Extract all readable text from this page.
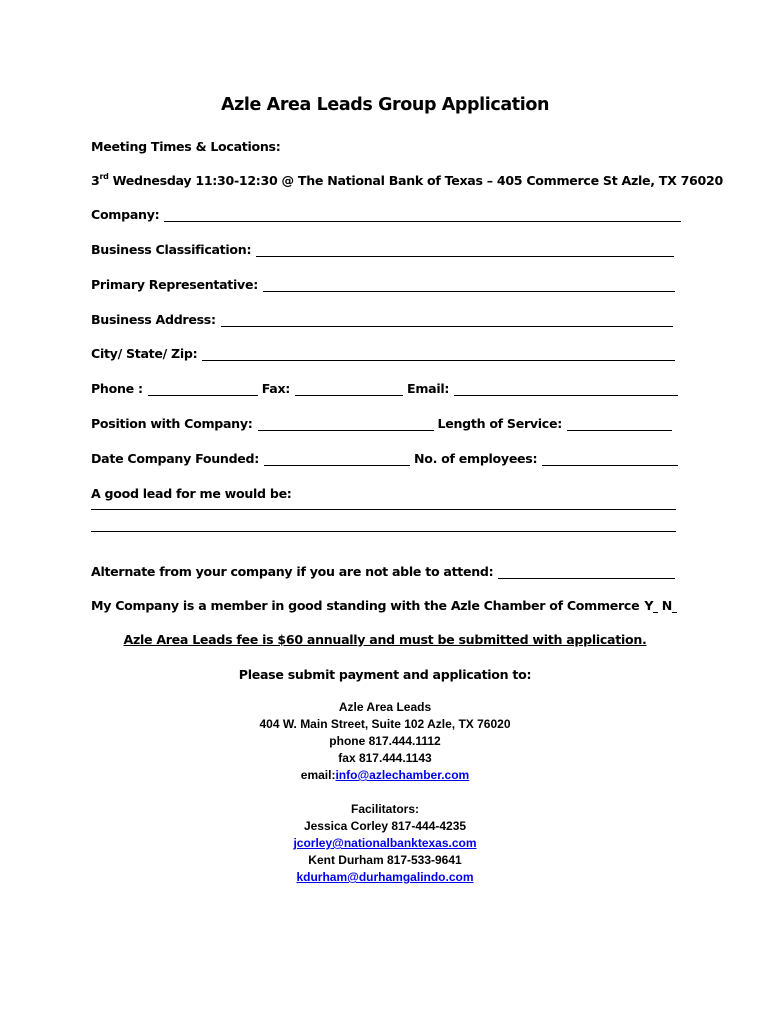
Azle Area Leads Group Application
Meeting Times & Locations:
3rd Wednesday 11:30-12:30 @ The National Bank of Texas – 405 Commerce St Azle, TX 76020
Company:
Business Classification:
Primary Representative:
Business Address:
City/ State/ Zip:
Phone :	Fax:	Email:
Position with Company:	Length of Service:
Date Company Founded:	No. of employees:
A good lead for me would be:
Alternate from your company if you are not able to attend:
My Company is a member in good standing with the Azle Chamber of Commerce Y N
Azle Area Leads fee is $60 annually and must be submitted with application.
Please submit payment and application to:
Azle Area Leads
404 W. Main Street, Suite 102 Azle, TX 76020
phone 817.444.1112
fax 817.444.1143
email:info@azlechamber.com
Facilitators:
Jessica Corley 817-444-4235
jcorley@nationalbanktexas.com
Kent Durham 817-533-9641
kdurham@durhamgalindo.com
